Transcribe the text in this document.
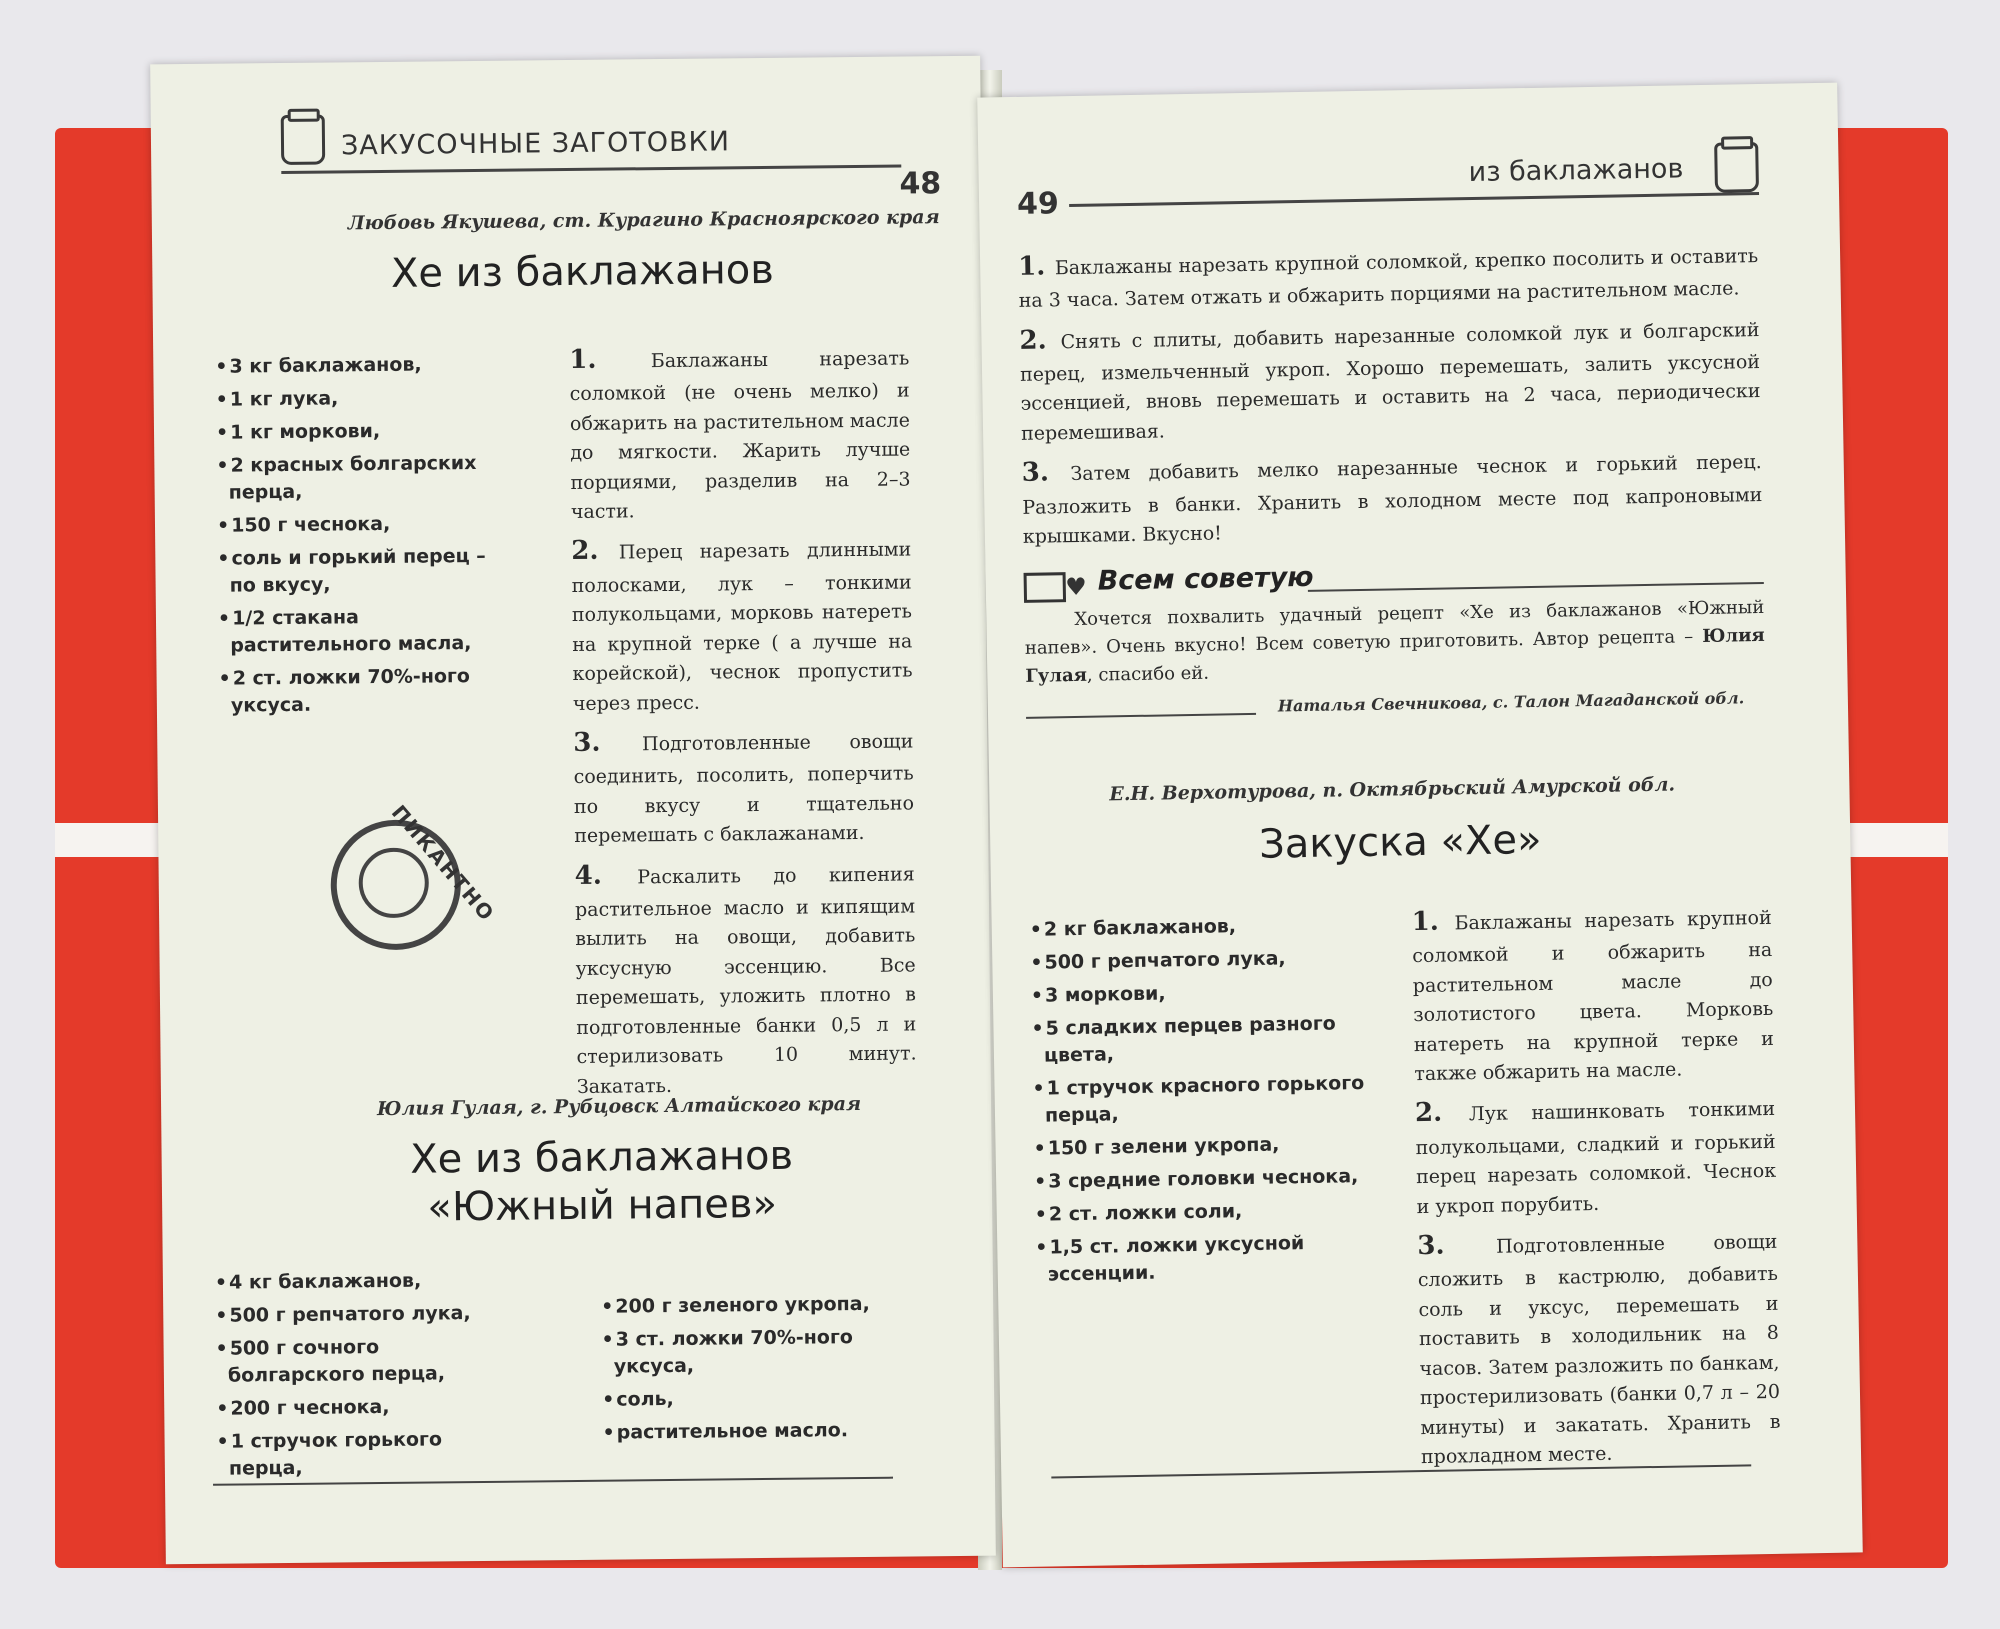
ЗАКУСОЧНЫЕ ЗАГОТОВКИ
48
Любовь Якушева, ст. Курагино Красноярского края
Хе из баклажанов
• 3 кг баклажанов,
• 1 кг лука,
• 1 кг моркови,
• 2 красных болгарских перца,
• 150 г чеснока,
• соль и горький перец – по вкусу,
• 1/2 стакана растительного масла,
• 2 ст. ложки 70%-ного уксуса.

1. Баклажаны нарезать соломкой (не очень мелко) и обжарить на растительном масле до мягкости. Жарить лучше порциями, разделив на 2–3 части.

2. Перец нарезать длинными полосками, лук – тонкими полукольцами, морковь натереть на крупной терке ( а лучше на корейской), чеснок пропустить через пресс.

3. Подготовленные овощи соединить, посолить, поперчить по вкусу и тщательно перемешать с баклажанами.

4. Раскалить до кипения растительное масло и кипящим вылить на овощи, добавить уксусную эссенцию. Все перемешать, уложить плотно в подготовленные банки 0,5 л и стерилизовать 10 минут. Закатать.

ПИКАНТНО
Юлия Гулая, г. Рубцовск Алтайского края
Хе из баклажанов
«Южный напев»
• 4 кг баклажанов,
• 500 г репчатого лука,
• 500 г сочного болгарского перца,
• 200 г чеснока,
• 1 стручок горького перца,
• 200 г зеленого укропа,
• 3 ст. ложки 70%-ного уксуса,
• соль,
• растительное масло.
49
из баклажанов

1. Баклажаны нарезать крупной соломкой, крепко посолить и оставить на 3 часа. Затем отжать и обжарить порциями на растительном масле.

2. Снять с плиты, добавить нарезанные соломкой лук и болгарский перец, измельченный укроп. Хорошо перемешать, залить уксусной эссенцией, вновь перемешать и оставить на 2 часа, периодически перемешивая.

3. Затем добавить мелко нарезанные чеснок и горький перец. Разложить в банки. Хранить в холодном месте под капроновыми крышками. Вкусно!

♥
Всем советую
Хочется похвалить удачный рецепт «Хе из баклажанов «Южный напев». Очень вкусно! Всем советую приготовить. Автор рецепта – Юлия Гулая, спасибо ей.
Наталья Свечникова, с. Талон Магаданской обл.
Е.Н. Верхотурова, п. Октябрьский Амурской обл.
Закуска «Хе»
• 2 кг баклажанов,
• 500 г репчатого лука,
• 3 моркови,
• 5 сладких перцев разного цвета,
• 1 стручок красного горького перца,
• 150 г зелени укропа,
• 3 средние головки чеснока,
• 2 ст. ложки соли,
• 1,5 ст. ложки уксусной эссенции.

1. Баклажаны нарезать крупной соломкой и обжарить на растительном масле до золотистого цвета. Морковь натереть на крупной терке и также обжарить на масле.

2. Лук нашинковать тонкими полукольцами, сладкий и горький перец нарезать соломкой. Чеснок и укроп порубить.

3. Подготовленные овощи сложить в кастрюлю, добавить соль и уксус, перемешать и поставить в холодильник на 8 часов. Затем разложить по банкам, простерилизовать (банки 0,7 л – 20 минуты) и закатать. Хранить в прохладном месте.
